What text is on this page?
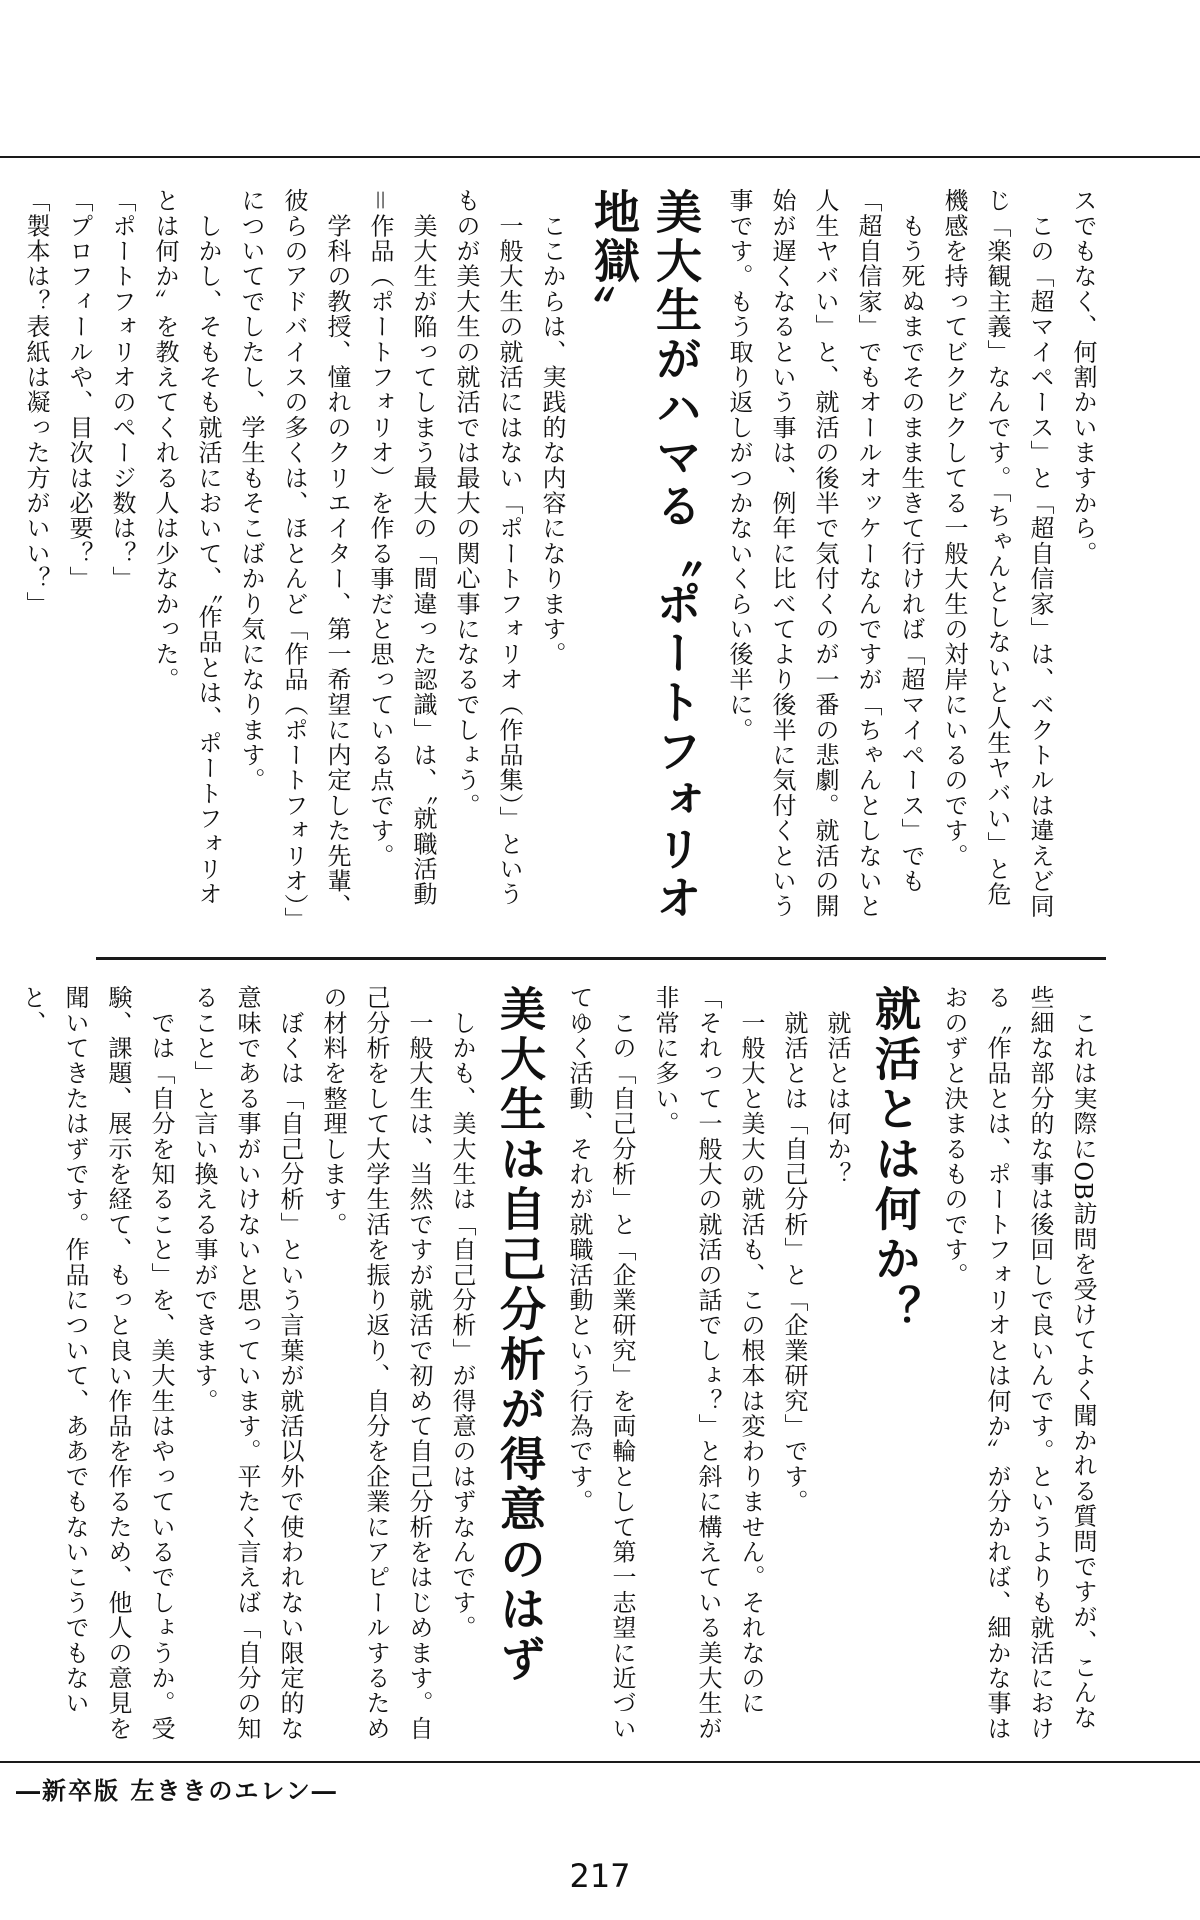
スでもなく、何割かいますから。

　この「超マイペース」と「超自信家」は、ベクトルは違えど同じ「楽観主義」なんです。「ちゃんとしないと人生ヤバい」と危機感を持ってビクビクしてる一般大生の対岸にいるのです。

　もう死ぬまでそのまま生きて行ければ「超マイペース」でも「超自信家」でもオールオッケーなんですが「ちゃんとしないと人生ヤバい」と、就活の後半で気付くのが一番の悲劇。就活の開始が遅くなるという事は、例年に比べてより後半に気付くという事です。もう取り返しがつかないくらい後半に。

美大生がハマる〝ポートフォリオ地獄〟

　ここからは、実践的な内容になります。

　一般大生の就活にはない「ポートフォリオ（作品集）」というものが美大生の就活では最大の関心事になるでしょう。

　美大生が陥ってしまう最大の「間違った認識」は、〝就職活動＝作品（ポートフォリオ）を作る事だと思っている点です。

　学科の教授、憧れのクリエイター、第一希望に内定した先輩、彼らのアドバイスの多くは、ほとんど「作品（ポートフォリオ）」についてでしたし、学生もそこばかり気になります。

　しかし、そもそも就活において、〝作品とは、ポートフォリオとは何か〟を教えてくれる人は少なかった。

「ポートフォリオのページ数は？」

「プロフィールや、目次は必要？」

「製本は？表紙は凝った方がいい？」

　これは実際にOB訪問を受けてよく聞かれる質問ですが、こんな些細な部分的な事は後回しで良いんです。というよりも就活における〝作品とは、ポートフォリオとは何か〟が分かれば、細かな事はおのずと決まるものです。

就活とは何か？

　就活とは何か？

　就活とは「自己分析」と「企業研究」です。

　一般大と美大の就活も、この根本は変わりません。それなのに「それって一般大の就活の話でしょ？」と斜に構えている美大生が非常に多い。

　この「自己分析」と「企業研究」を両輪として第一志望に近づいてゆく活動、それが就職活動という行為です。

美大生は自己分析が得意のはず

　しかも、美大生は「自己分析」が得意のはずなんです。

　一般大生は、当然ですが就活で初めて自己分析をはじめます。自己分析をして大学生活を振り返り、自分を企業にアピールするための材料を整理します。

　ぼくは「自己分析」という言葉が就活以外で使われない限定的な意味である事がいけないと思っています。平たく言えば「自分の知ること」と言い換える事ができます。

　では「自分を知ること」を、美大生はやっているでしょうか。受験、課題、展示を経て、もっと良い作品を作るため、他人の意見を聞いてきたはずです。作品について、ああでもないこうでもないと、

―新卒版 左ききのエレン―
217
